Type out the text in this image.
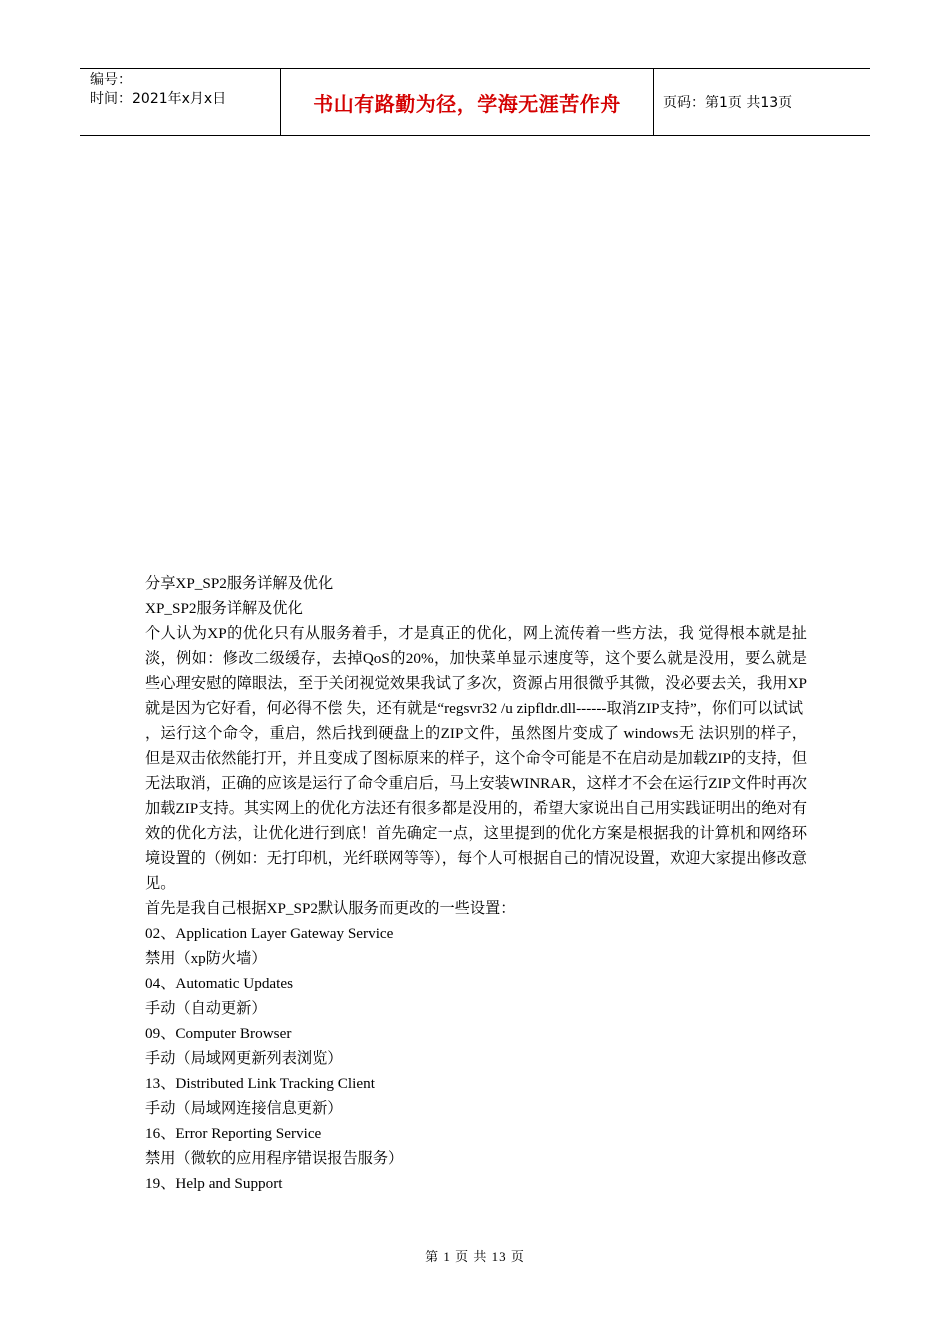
编号：
时间：2021年x月x日	书山有路勤为径，学海无涯苦作舟	页码：第1页 共13页

分享XP_SP2服务详解及优化

XP_SP2服务详解及优化

个人认为XP的优化只有从服务着手，才是真正的优化，网上流传着一些方法，我 觉得根本就是扯淡，例如：修改二级缓存，去掉QoS的20%，加快菜单显示速度等，这个要么就是没用，要么就是些心理安慰的障眼法，至于关闭视觉效果我试了多次，资源占用很微乎其微，没必要去关，我用XP就是因为它好看，何必得不偿 失，还有就是“regsvr32 /u zipfldr.dll------取消ZIP支持”，你们可以试试

，运行这个命令，重启，然后找到硬盘上的ZIP文件，虽然图片变成了 windows无 法识别的样子，但是双击依然能打开，并且变成了图标原来的样子，这个命令可能是不在启动是加载ZIP的支持，但无法取消，正确的应该是运行了命令重启后，马上安装WINRAR，这样才不会在运行ZIP文件时再次加载ZIP支持。其实网上的优化方法还有很多都是没用的，希望大家说出自己用实践证明出的绝对有效的优化方法，让优化进行到底！首先确定一点，这里提到的优化方案是根据我的计算机和网络环境设置的（例如：无打印机，光纤联网等等），每个人可根据自己的情况设置，欢迎大家提出修改意见。

首先是我自己根据XP_SP2默认服务而更改的一些设置：

02、Application Layer Gateway Service

禁用（xp防火墙）

04、Automatic Updates

手动（自动更新）

09、Computer Browser

手动（局域网更新列表浏览）

13、Distributed Link Tracking Client

手动（局域网连接信息更新）

16、Error Reporting Service

禁用（微软的应用程序错误报告服务）

19、Help and Support

第 1 页 共 13 页
